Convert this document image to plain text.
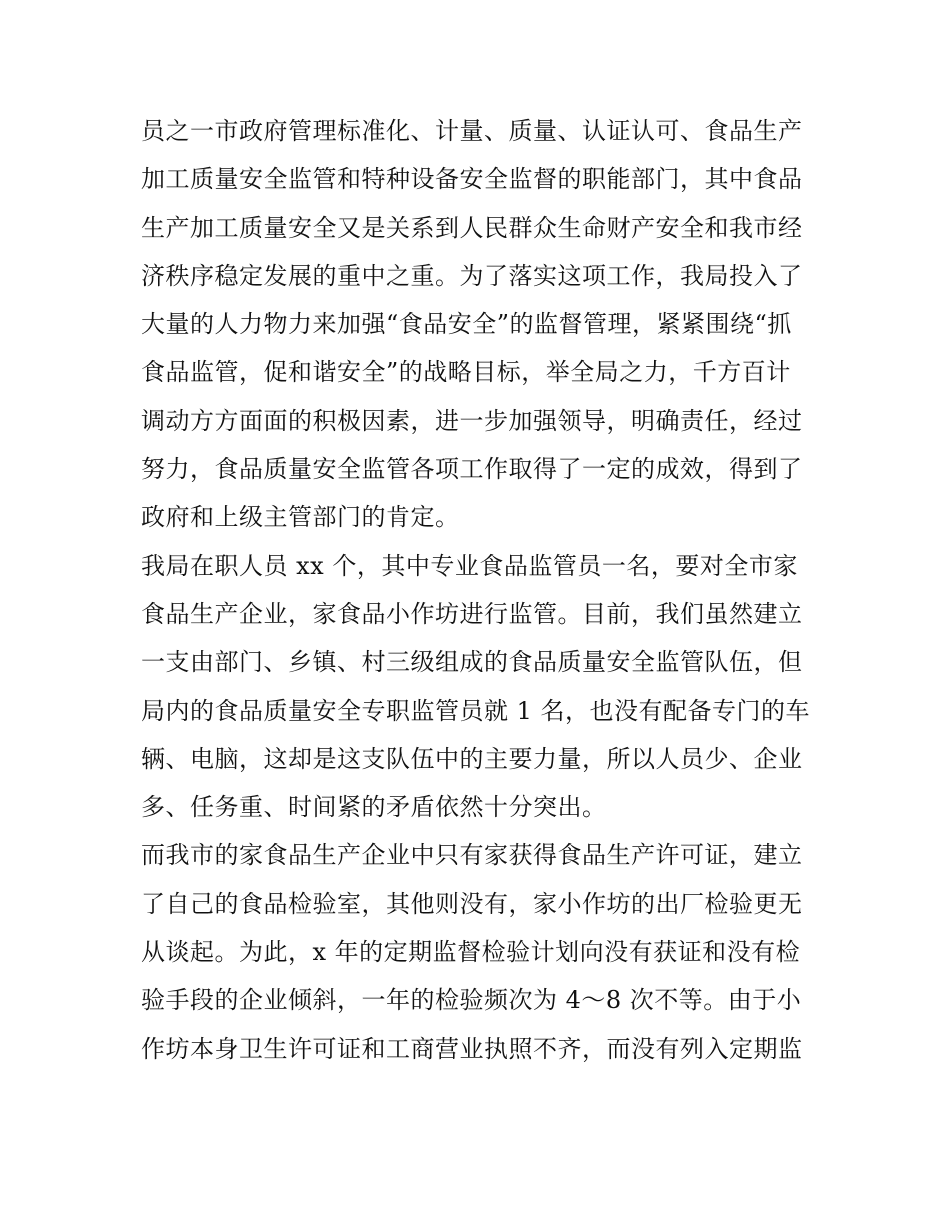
员之一市政府管理标准化、计量、质量、认证认可、食品生产
加工质量安全监管和特种设备安全监督的职能部门，其中食品
生产加工质量安全又是关系到人民群众生命财产安全和我市经
济秩序稳定发展的重中之重。为了落实这项工作，我局投入了
大量的人力物力来加强“食品安全”的监督管理，紧紧围绕“抓
食品监管，促和谐安全”的战略目标，举全局之力，千方百计
调动方方面面的积极因素，进一步加强领导，明确责任，经过
努力，食品质量安全监管各项工作取得了一定的成效，得到了
政府和上级主管部门的肯定。
我局在职人员 xx 个，其中专业食品监管员一名，要对全市家
食品生产企业，家食品小作坊进行监管。目前，我们虽然建立
一支由部门、乡镇、村三级组成的食品质量安全监管队伍，但
局内的食品质量安全专职监管员就 1 名，也没有配备专门的车
辆、电脑，这却是这支队伍中的主要力量，所以人员少、企业
多、任务重、时间紧的矛盾依然十分突出。
而我市的家食品生产企业中只有家获得食品生产许可证，建立
了自己的食品检验室，其他则没有，家小作坊的出厂检验更无
从谈起。为此，x 年的定期监督检验计划向没有获证和没有检
验手段的企业倾斜，一年的检验频次为 4～8 次不等。由于小
作坊本身卫生许可证和工商营业执照不齐，而没有列入定期监
